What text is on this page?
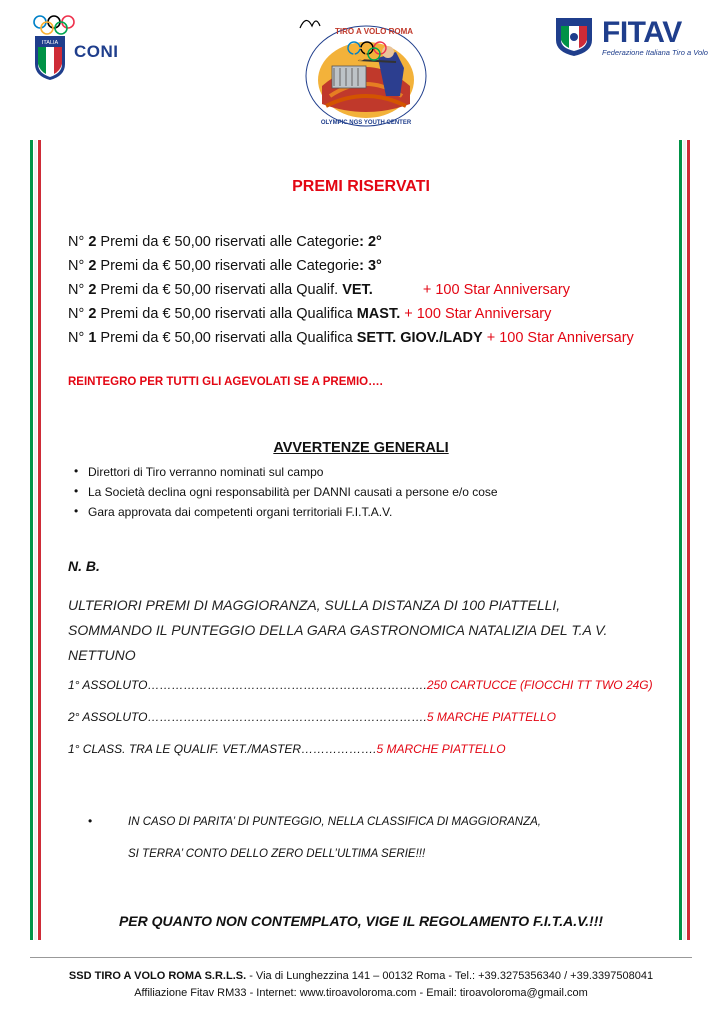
ITALIA CONI
TIRO A VOLO ROMA
OLYMPIC NGS YOUTH CENTER
FITAV
Federazione Italiana Tiro a Volo
PREMI RISERVATI
N° 2 Premi da € 50,00 riservati alle Categorie: 2°
N° 2 Premi da € 50,00 riservati alle Categorie: 3°
N° 2 Premi da € 50,00 riservati alla Qualif. VET.	+ 100 Star Anniversary
N° 2 Premi da € 50,00 riservati alla Qualifica MAST. + 100 Star Anniversary
N° 1 Premi da € 50,00 riservati alla Qualifica SETT. GIOV./LADY + 100 Star Anniversary
REINTEGRO PER TUTTI GLI AGEVOLATI SE A PREMIO….
AVVERTENZE GENERALI
• Direttori di Tiro verranno nominati sul campo
• La Società declina ogni responsabilità per DANNI causati a persone e/o cose
• Gara approvata dai competenti organi territoriali F.I.T.A.V.
N. B.
ULTERIORI PREMI DI MAGGIORANZA, SULLA DISTANZA DI 100 PIATTELLI, SOMMANDO IL PUNTEGGIO DELLA GARA GASTRONOMICA NATALIZIA DEL T.A V. NETTUNO
1° ASSOLUTO…………………………………………………………….250 CARTUCCE (FIOCCHI TT TWO 24G)
2° ASSOLUTO…………………………………………………………….5 MARCHE PIATTELLO
1° CLASS. TRA LE QUALIF. VET./MASTER……………….5 MARCHE PIATTELLO
•	IN CASO DI PARITA’ DI PUNTEGGIO, NELLA CLASSIFICA DI MAGGIORANZA,
SI TERRA’ CONTO DELLO ZERO DELL’ULTIMA SERIE!!!
PER QUANTO NON CONTEMPLATO, VIGE IL REGOLAMENTO F.I.T.A.V.!!!
SSD TIRO A VOLO ROMA S.R.L.S. - Via di Lunghezzina 141 – 00132 Roma - Tel.: +39.3275356340 / +39.3397508041
Affiliazione Fitav RM33 - Internet: www.tiroavoloroma.com - Email: tiroavoloroma@gmail.com
